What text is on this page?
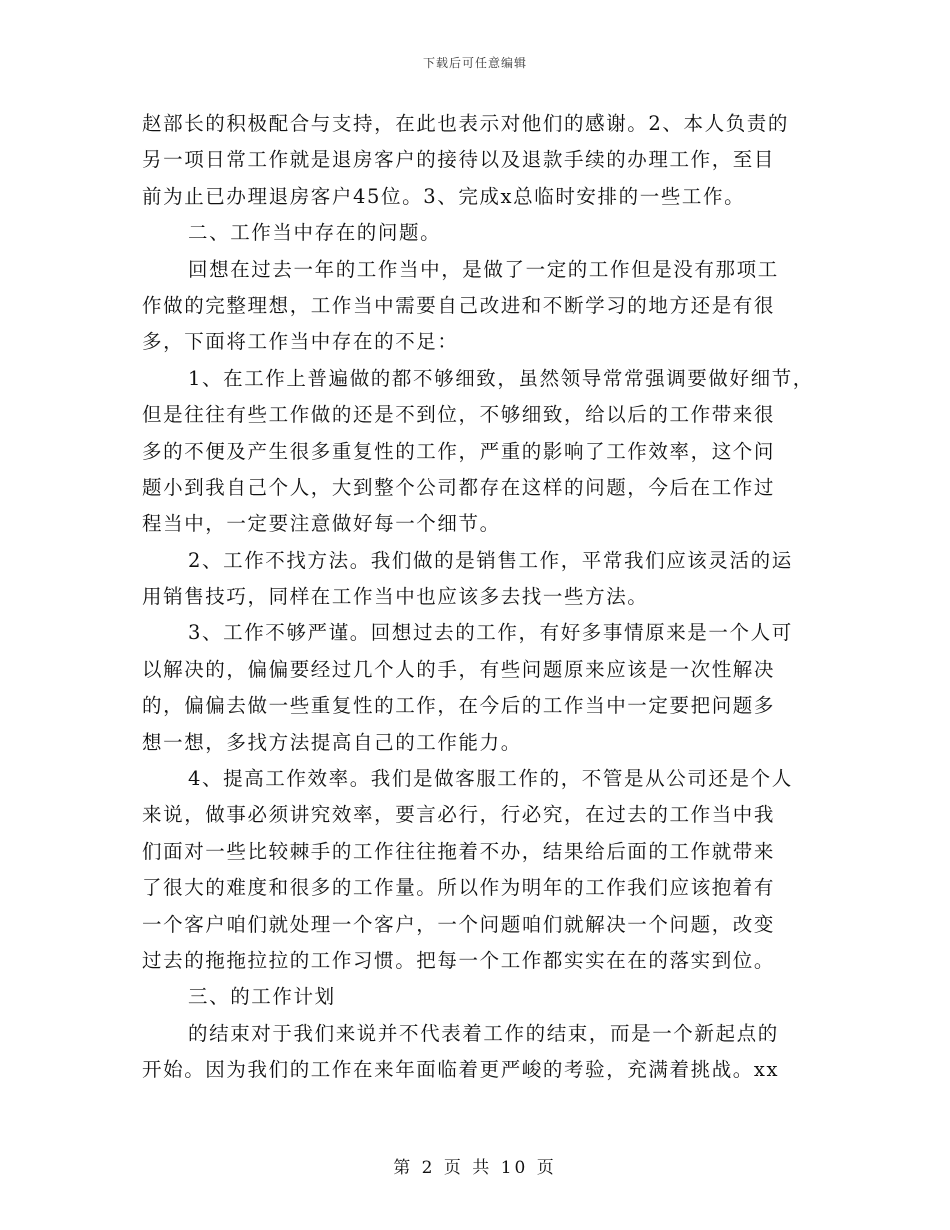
下载后可任意编辑
赵部长的积极配合与支持，在此也表示对他们的感谢。2、本人负责的
另一项日常工作就是退房客户的接待以及退款手续的办理工作，至目
前为止已办理退房客户45位。3、完成x总临时安排的一些工作。
二、工作当中存在的问题。
回想在过去一年的工作当中，是做了一定的工作但是没有那项工
作做的完整理想，工作当中需要自己改进和不断学习的地方还是有很
多，下面将工作当中存在的不足：
1、在工作上普遍做的都不够细致，虽然领导常常强调要做好细节，
但是往往有些工作做的还是不到位，不够细致，给以后的工作带来很
多的不便及产生很多重复性的工作，严重的影响了工作效率，这个问
题小到我自己个人，大到整个公司都存在这样的问题，今后在工作过
程当中，一定要注意做好每一个细节。
2、工作不找方法。我们做的是销售工作，平常我们应该灵活的运
用销售技巧，同样在工作当中也应该多去找一些方法。
3、工作不够严谨。回想过去的工作，有好多事情原来是一个人可
以解决的，偏偏要经过几个人的手，有些问题原来应该是一次性解决
的，偏偏去做一些重复性的工作，在今后的工作当中一定要把问题多
想一想，多找方法提高自己的工作能力。
4、提高工作效率。我们是做客服工作的，不管是从公司还是个人
来说，做事必须讲究效率，要言必行，行必究，在过去的工作当中我
们面对一些比较棘手的工作往往拖着不办，结果给后面的工作就带来
了很大的难度和很多的工作量。所以作为明年的工作我们应该抱着有
一个客户咱们就处理一个客户，一个问题咱们就解决一个问题，改变
过去的拖拖拉拉的工作习惯。把每一个工作都实实在在的落实到位。
三、的工作计划
的结束对于我们来说并不代表着工作的结束，而是一个新起点的
开始。因为我们的工作在来年面临着更严峻的考验，充满着挑战。xx
第 2 页 共 10 页
